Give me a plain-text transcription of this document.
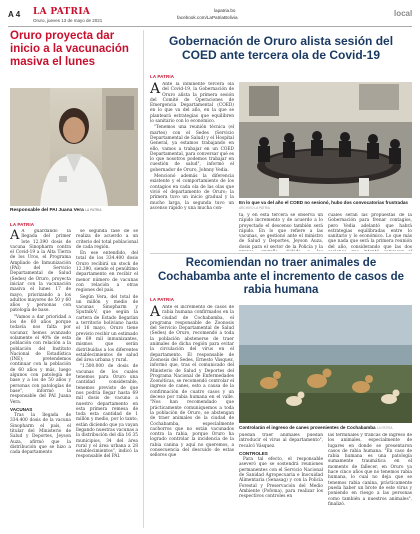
A 4 LA PATRIA
Oruro, jueves 13 de mayo de 2021
lapatria.bo
facebook.com/LaPatriaBolivia	local
Oruro proyecta dar inicio a la vacunación masiva el lunes
Responsable del PAI Juana Vera LA PATRIA
LA PATRIA

A A guardando la llegada del primer lote 12.390 dosis de vacuna Sinopharm contra el Covid-19 a la Alta Tierra de los Uros, el Programa Ampliado de Inmunización (PAI) del Servicio Departamental de Salud (Sedes) de Oruro, proyecta iniciar con la vacunación masiva el lunes 17 de mayo, priorizando a los adultos mayores de 50 y 60 años y personas con patología de base.

"Vamos a dar prioridad a los de 60 años porque todavía nos falta por vacunar, hemos avanzado solamente el 40% de esta población con relación a la población del Instituto Nacional de Estadística (INE); pretendemos continuar con la población de 60 años y más, luego algunos con patología de base y a los de 50 años y personas con patologías de base", informó la responsable del PAI Juana Vera.

VACUNAS

Tras la llegada de 334.400 dosis de la vacuna Sinopharm el país, el titular del Ministerio de Salud y Deportes, Jeyson Auza, afirmó que la distribución que se hizo a cada departamento

se segunda fase de se realiza de acuerdo a un criterio del total poblacional de cada región.

En ese entendido, del total de los 334.400 dosis Oruro recibirá un stock de 12.390, siendo el penúltimo departamento en recibir el menor número de vacunas con relación a otras regiones del país.

Según Vera, del total de un millón y medio de vacunas Sinopharm y Sputnik-V, que según la cartera de Estado llegarían a territorio boliviano hasta el 16 mayo, Oruro tiene previsto recibir un estimado de 69 mil inmunizantes, mismos que serán distribuidas a los diferentes establecimientos de salud del área urbana y rural.

"1.500.000 de dosis de vacunas de los cuales tenemos para Oruro una cantidad considerable, tenemos previsto de que nos podría llegar hasta 69 mil dosis de vacuna a nuestro departamento en esta primera remesa de toda esta cantidad de 1 millón y medio, por lo tanto, están diciendo que ya vayan llegando nuestras vacunas a la distribución del día 16 35 municipios, 34 del área rural y el área urbana a 28 establecimientos", indicó la responsable del PAI.

Gobernación de Oruro alista sesión del COED ante tercera ola de Covid-19
LA PATRIA

A Ante la inminente tercera ola del Covid-19, la Gobernación de Oruro alista la primera sesión del Comité de Operaciones de Emergencia Departamental (COED) en lo que va del año, en la que se planteará estrategias que equilibren lo sanitario con lo económico.

"Tenemos una reunión técnica (el martes) con el Sedes (Servicio Departamental de Salud) y el Hospital General, ya estamos trabajando en ello, vamos a trabajar en un COED Departamental, para conversar qué es lo que nosotros podemos trabajar en cuestión de salud", informó el gobernador de Oruro, Johnny Vedia.

Mencionó además la diferencia existente y el comportamiento de los contagios en cada ola de las olas que vivió el departamento de Oruro; la primera tuvo un inicio gradual y la mucho larga, la segunda tuvo un ascenso rápido y una mucha con-

En lo que va del año el COED no sesionó, hubo dos convocatorias frustradas
ARCHIVO LA PATRIA
ta, y en esta tercera se observa un rápido incremento y de acuerdo a lo proyectado el descenso también será rápido. En lo que refiere a las vacunas, se gestionó ante el ministro de Salud y Deportes, Jeyson Auza, dosis para el sector de la Policía y la
cuáles serán las propuestas de la Gobernación para frenar contagios, pero Vedia adelantó que habrá estrategias equilibradas entre lo sanitario y lo económico. Lo que más que nada que será la primera reunión del año, considerando que las dos
Recomiendan no traer animales de Cochabamba ante el incremento de casos de rabia humana
LA PATRIA

A Ante el incremento de casos de rabia humana confirmados en la ciudad de Cochabamba, el programa responsable de Zoonosis del Servicio Departamental de Salud (Sedes) de Oruro, recomendó a toda la población abstenerse de traer animales de dicha región para evitar la circulación del virus en el departamento. El responsable de Zoonosis del Sedes, Ernesto Vásquez, informó que, tras el comunicado del Ministerio de Salud y Deportes del Programa Nacional de Enfermedades Zoonóticas, se recomendó controlar el ingreso de canes, esto a causa de la confirmación de cuatro casos y un deceso por rabia humana en el valle. "Nos han recomendado que prácticamente comuniquemos a toda la población de Oruro, se abstengan de traer animales de la ciudad de Cochabamba, especialmente cachorros que no están vacunados contra la rabia, porque Oruro ha logrado controlar la incidencia de la rabia canina y aquí no queremos, a consecuencia del descuido de estas señores que

Controlarán el ingreso de canes provenientes de Cochabamba LA PATRIA

puedan traer animales puedan introducir el virus al departamento", recalcó Vásquez.

CONTROLES

Para tal efecto, el responsable aseveró que se sostendrá reuniones permanentes con el Servicio Nacional de Sanidad Agropecuaria e Inocuidad Alimentaria (Senasag) y con la Policía Forestal y Preservación del Medio Ambiente (Pofoma), para realizar los respectivos controles en

las terminales y trancas de ingreso de los animales, especialmente de lugares en donde se presentaron casos de rabia humana. "En caso de rabia humana es una patología sumamente traumática en el momento de fallecer, en Oruro ya hace cinco años que no tenemos rabia humana, lo cual no deja que se tenemos rabia canina, prácticamente pueda haber un brote de este virus y poniendo en riesgo a las personas como también a nuestros animales", finalizó.
